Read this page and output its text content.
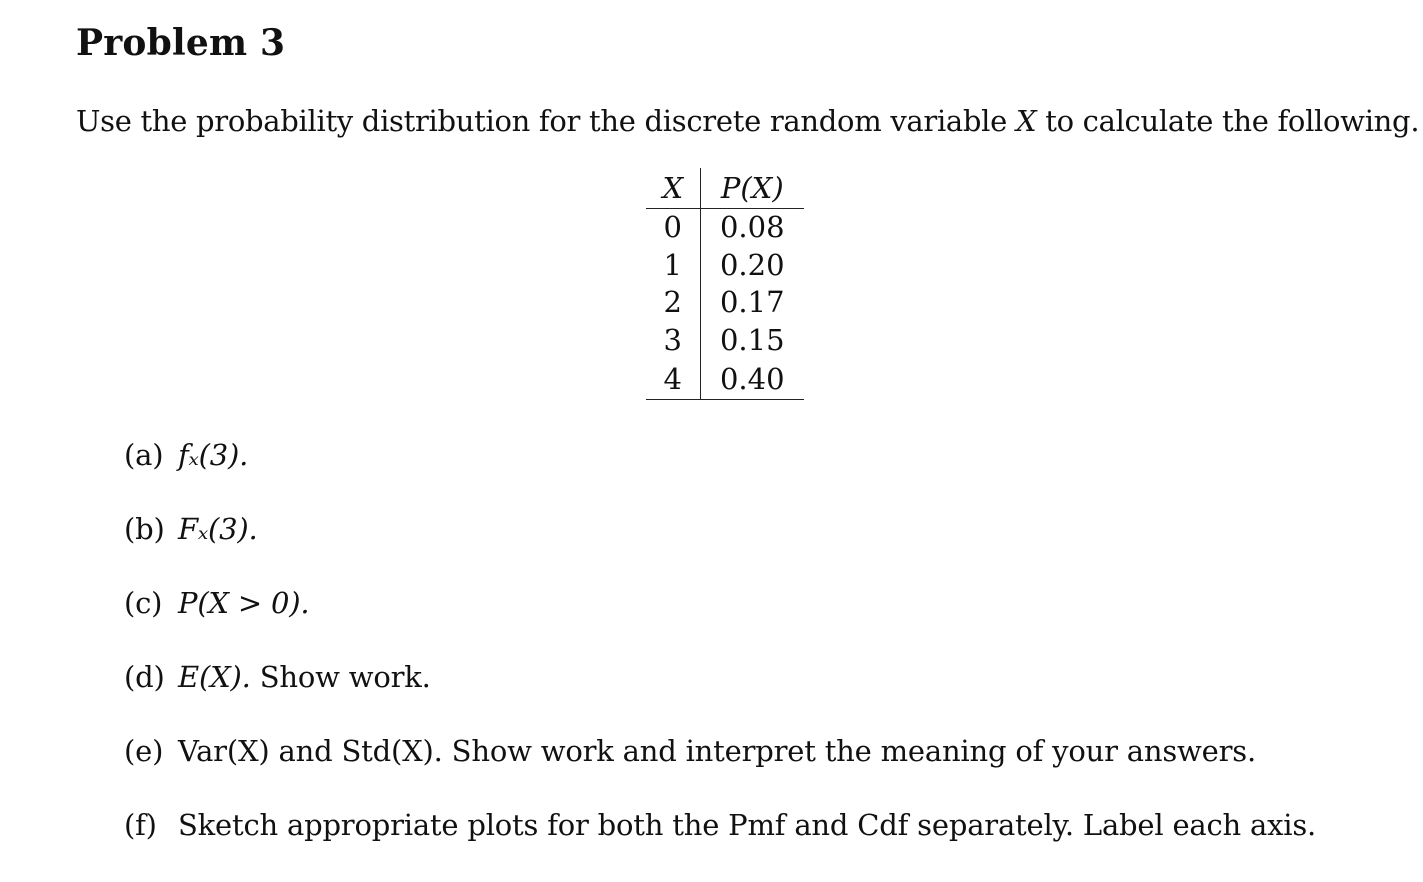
Problem 3
Use the probability distribution for the discrete random variable X to calculate the following.
X	P(X)
0	0.08
1	0.20
2	0.17
3	0.15
4	0.40
(a) fₓ(3).
(b) Fₓ(3).
(c) P(X > 0).
(d) E(X). Show work.
(e) Var(X) and Std(X). Show work and interpret the meaning of your answers.
(f) Sketch appropriate plots for both the Pmf and Cdf separately. Label each axis.
